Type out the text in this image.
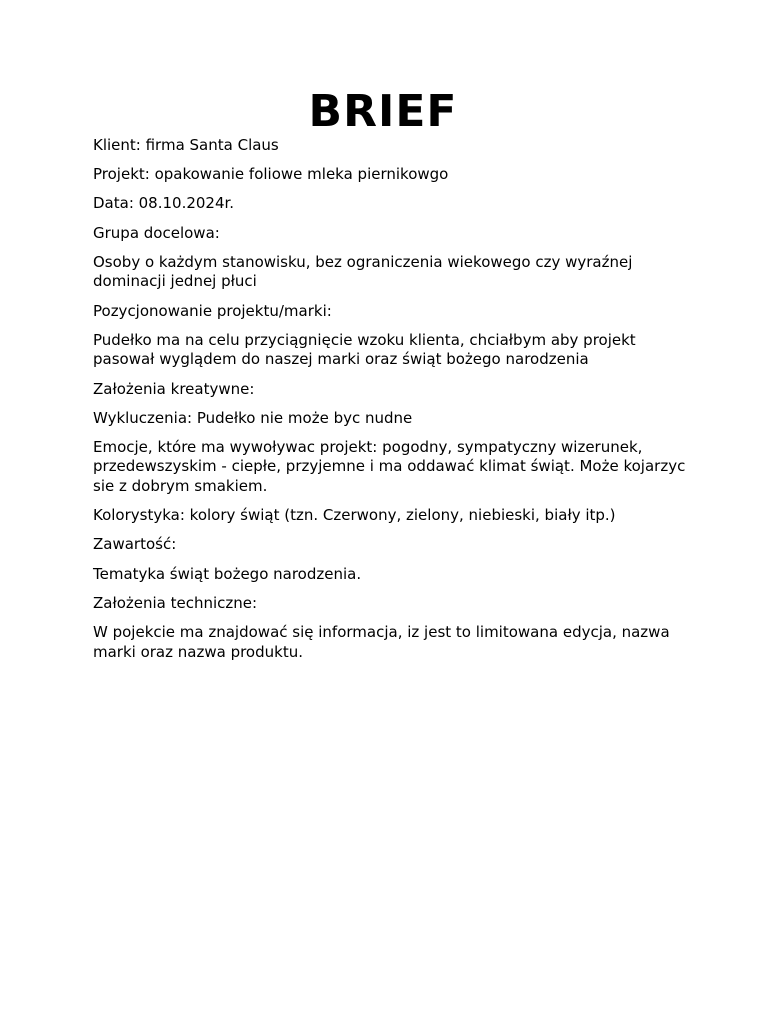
BRIEF

Klient: firma Santa Claus

Projekt: opakowanie foliowe mleka piernikowgo

Data: 08.10.2024r.

Grupa docelowa:

Osoby o każdym stanowisku, bez ograniczenia wiekowego czy wyraźnej dominacji jednej płuci

Pozycjonowanie projektu/marki:

Pudełko ma na celu przyciągnięcie wzoku klienta, chciałbym aby projekt pasował wyglądem do naszej marki oraz świąt bożego narodzenia

Założenia kreatywne:

Wykluczenia: Pudełko nie może byc nudne

Emocje, które ma wywoływac projekt: pogodny, sympatyczny wizerunek, przedewszyskim - ciepłe, przyjemne i ma oddawać klimat świąt. Może kojarzyc sie z dobrym smakiem.

Kolorystyka: kolory świąt (tzn. Czerwony, zielony, niebieski, biały itp.)

Zawartość:

Tematyka świąt bożego narodzenia.

Założenia techniczne:

W pojekcie ma znajdować się informacja, iz jest to limitowana edycja, nazwa marki oraz nazwa produktu.
